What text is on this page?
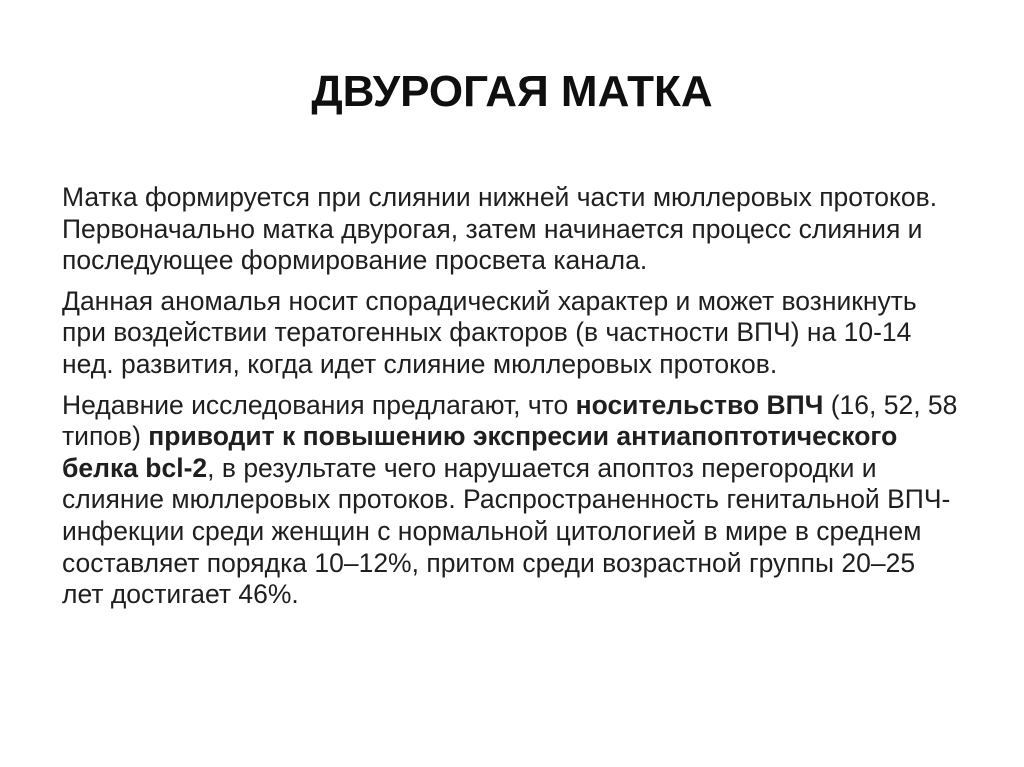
ДВУРОГАЯ МАТКА

Матка формируется при слиянии нижней части мюллеровых протоков. Первоначально матка двурогая, затем начинается процесс слияния и последующее формирование просвета канала.

Данная аномалья носит спорадический характер и может возникнуть при воздействии тератогенных факторов (в частности ВПЧ) на 10-14 нед. развития, когда идет слияние мюллеровых протоков.

Недавние исследования предлагают, что носительство ВПЧ (16, 52, 58 типов) приводит к повышению экспресии антиапоптотического белка bcl-2, в результате чего нарушается апоптоз перегородки и слияние мюллеровых протоков. Распространенность генитальной ВПЧ-инфекции среди женщин с нормальной цитологией в мире в среднем составляет порядка 10–12%, притом среди возрастной группы 20–25 лет достигает 46%.
